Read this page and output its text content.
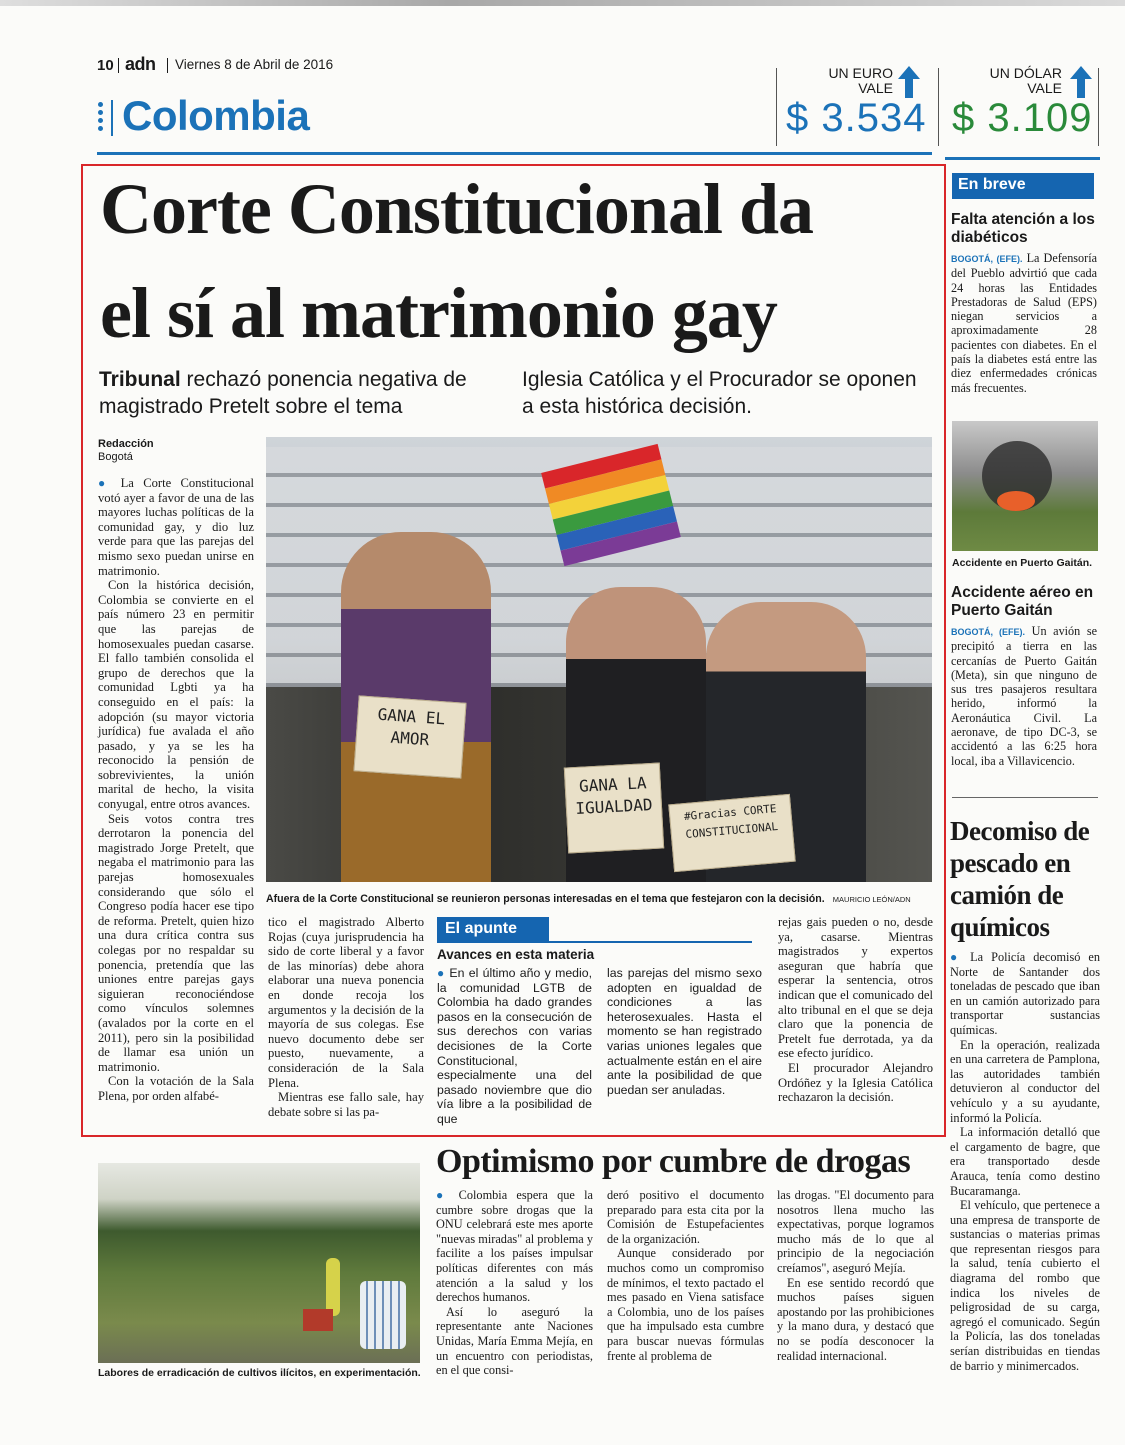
10 adn Viernes 8 de Abril de 2016
Colombia
UN EURO
VALE
$ 3.534
UN DÓLAR
VALE
$ 3.109
Corte Constitucional da
el sí al matrimonio gay
Tribunal rechazó ponencia negativa de magistrado Pretelt sobre el tema
Iglesia Católica y el Procurador se oponen a esta histórica decisión.
Redacción
Bogotá

● La Corte Constitucional votó ayer a favor de una de las mayores luchas políticas de la comunidad gay, y dio luz verde para que las parejas del mismo sexo puedan unirse en matrimonio.

Con la histórica decisión, Colombia se convierte en el país número 23 en permitir que las parejas de homosexuales puedan casarse. El fallo también consolida el grupo de derechos que la comunidad Lgbti ya ha conseguido en el país: la adopción (su mayor victoria jurídica) fue avalada el año pasado, y ya se les ha reconocido la pensión de sobrevivientes, la unión marital de hecho, la visita conyugal, entre otros avances.

Seis votos contra tres derrotaron la ponencia del magistrado Jorge Pretelt, que negaba el matrimonio para las parejas homosexuales considerando que sólo el Congreso podía hacer ese tipo de reforma. Pretelt, quien hizo una dura crítica contra sus colegas por no respaldar su ponencia, pretendía que las uniones entre parejas gays siguieran reconociéndose como vínculos solemnes (avalados por la corte en el 2011), pero sin la posibilidad de llamar esa unión un matrimonio.

Con la votación de la Sala Plena, por orden alfabé-

GANA EL AMOR
GANA LA IGUALDAD	#Gracias CORTE CONSTITUCIONAL
Afuera de la Corte Constitucional se reunieron personas interesadas en el tema que festejaron con la decisión. MAURICIO LEÓN/ADN

tico el magistrado Alberto Rojas (cuya jurisprudencia ha sido de corte liberal y a favor de las minorías) debe ahora elaborar una nueva ponencia en donde recoja los argumentos y la decisión de la mayoría de sus colegas. Ese nuevo documento debe ser puesto, nuevamente, a consideración de la Sala Plena.

Mientras ese fallo sale, hay debate sobre si las pa-

El apunte
Avances en esta materia
● En el último año y medio, la comunidad LGTB de Colombia ha dado grandes pasos en la consecución de sus derechos con varias decisiones de la Corte Constitucional, especialmente una del pasado noviembre que dio vía libre a la posibilidad de que
las parejas del mismo sexo adopten en igualdad de condiciones a las heterosexuales. Hasta el momento se han registrado varias uniones legales que actualmente están en el aire ante la posibilidad de que puedan ser anuladas.

rejas gais pueden o no, desde ya, casarse. Mientras magistrados y expertos aseguran que habría que esperar la sentencia, otros indican que el comunicado del alto tribunal en el que se deja claro que la ponencia de Pretelt fue derrotada, ya da ese efecto jurídico.

El procurador Alejandro Ordóñez y la Iglesia Católica rechazaron la decisión.

En breve
Falta atención a los diabéticos
BOGOTÁ, (EFE). La Defensoría del Pueblo advirtió que cada 24 horas las Entidades Prestadoras de Salud (EPS) niegan servicios a aproximadamente 28 pacientes con diabetes. En el país la diabetes está entre las diez enfermedades crónicas más frecuentes.
Accidente en Puerto Gaitán.
Accidente aéreo en Puerto Gaitán
BOGOTÁ, (EFE). Un avión se precipitó a tierra en las cercanías de Puerto Gaitán (Meta), sin que ninguno de sus tres pasajeros resultara herido, informó la Aeronáutica Civil. La aeronave, de tipo DC-3, se accidentó a las 6:25 hora local, iba a Villavicencio.
Decomiso de pescado en camión de químicos

● La Policía decomisó en Norte de Santander dos toneladas de pescado que iban en un camión autorizado para transportar sustancias químicas.

En la operación, realizada en una carretera de Pamplona, las autoridades también detuvieron al conductor del vehículo y a su ayudante, informó la Policía.

La información detalló que el cargamento de bagre, que era transportado desde Arauca, tenía como destino Bucaramanga.

El vehículo, que pertenece a una empresa de transporte de sustancias o materias primas que representan riesgos para la salud, tenía cubierto el diagrama del rombo que indica los niveles de peligrosidad de su carga, agregó el comunicado. Según la Policía, las dos toneladas serían distribuidas en tiendas de barrio y minimercados.

Labores de erradicación de cultivos ilícitos, en experimentación.
Optimismo por cumbre de drogas

● Colombia espera que la cumbre sobre drogas que la ONU celebrará este mes aporte "nuevas miradas" al problema y facilite a los países impulsar políticas diferentes con más atención a la salud y los derechos humanos.

Así lo aseguró la representante ante Naciones Unidas, María Emma Mejía, en un encuentro con periodistas, en el que consi-

deró positivo el documento preparado para esta cita por la Comisión de Estupefacientes de la organización.

Aunque considerado por muchos como un compromiso de mínimos, el texto pactado el mes pasado en Viena satisface a Colombia, uno de los países que ha impulsado esta cumbre para buscar nuevas fórmulas frente al problema de

las drogas. "El documento para nosotros llena mucho las expectativas, porque logramos mucho más de lo que al principio de la negociación creíamos", aseguró Mejía.

En ese sentido recordó que muchos países siguen apostando por las prohibiciones y la mano dura, y destacó que no se podía desconocer la realidad internacional.
